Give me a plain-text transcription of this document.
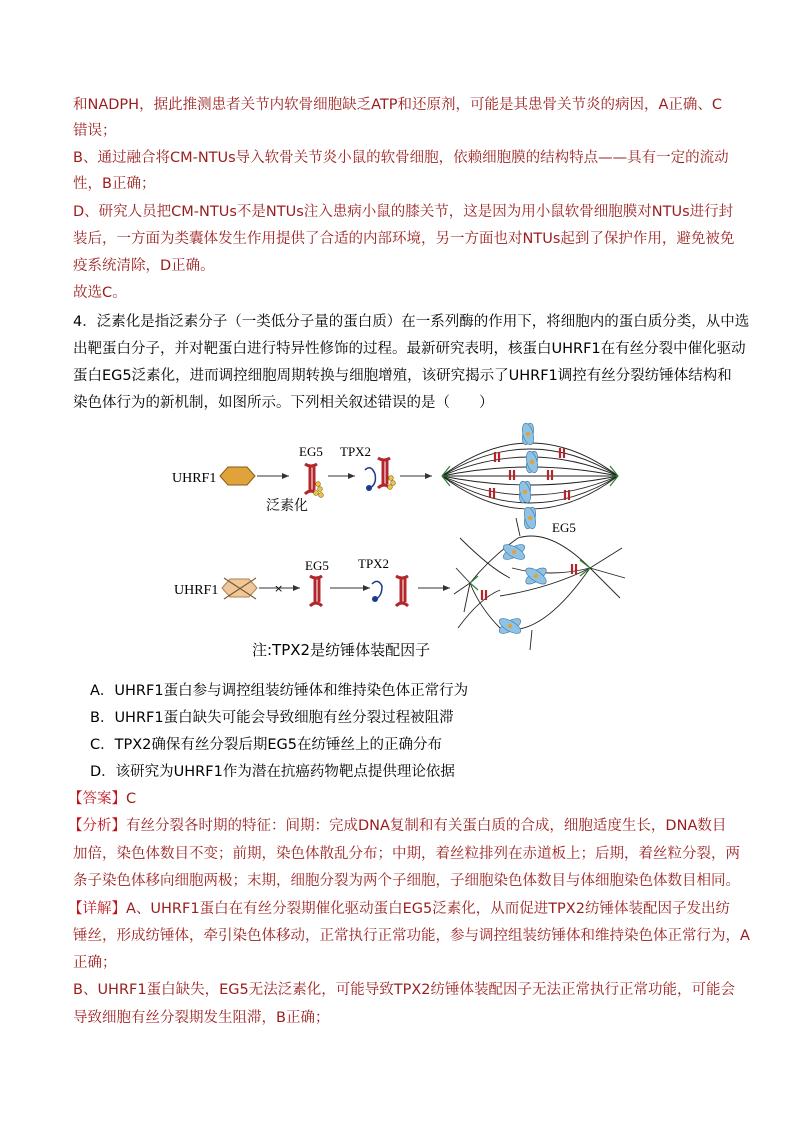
和NADPH，据此推测患者关节内软骨细胞缺乏ATP和还原剂，可能是其患骨关节炎的病因，A正确、C
错误；
B、通过融合将CM-NTUs导入软骨关节炎小鼠的软骨细胞，依赖细胞膜的结构特点——具有一定的流动
性，B正确；
D、研究人员把CM-NTUs不是NTUs注入患病小鼠的膝关节，这是因为用小鼠软骨细胞膜对NTUs进行封
装后，一方面为类囊体发生作用提供了合适的内部环境，另一方面也对NTUs起到了保护作用，避免被免
疫系统清除，D正确。
故选C。
4．泛素化是指泛素分子（一类低分子量的蛋白质）在一系列酶的作用下，将细胞内的蛋白质分类，从中选
出靶蛋白分子，并对靶蛋白进行特异性修饰的过程。最新研究表明，核蛋白UHRF1在有丝分裂中催化驱动
蛋白EG5泛素化，进而调控细胞周期转换与细胞增殖，该研究揭示了UHRF1调控有丝分裂纺锤体结构和
染色体行为的新机制，如图所示。下列相关叙述错误的是（　　）
UHRF1
EG5
泛素化
TPX2
UHRF1	×
EG5 TPX2
EG5
注:TPX2是纺锤体装配因子
A．UHRF1蛋白参与调控组装纺锤体和维持染色体正常行为
B．UHRF1蛋白缺失可能会导致细胞有丝分裂过程被阻滞
C．TPX2确保有丝分裂后期EG5在纺锤丝上的正确分布
D．该研究为UHRF1作为潜在抗癌药物靶点提供理论依据
【答案】C
【分析】有丝分裂各时期的特征：间期：完成DNA复制和有关蛋白质的合成，细胞适度生长，DNA数目
加倍，染色体数目不变；前期，染色体散乱分布；中期，着丝粒排列在赤道板上；后期，着丝粒分裂，两
条子染色体移向细胞两极；末期，细胞分裂为两个子细胞，子细胞染色体数目与体细胞染色体数目相同。
【详解】A、UHRF1蛋白在有丝分裂期催化驱动蛋白EG5泛素化，从而促进TPX2纺锤体装配因子发出纺
锤丝，形成纺锤体，牵引染色体移动，正常执行正常功能，参与调控组装纺锤体和维持染色体正常行为，A
正确；
B、UHRF1蛋白缺失，EG5无法泛素化，可能导致TPX2纺锤体装配因子无法正常执行正常功能，可能会
导致细胞有丝分裂期发生阻滞，B正确；
